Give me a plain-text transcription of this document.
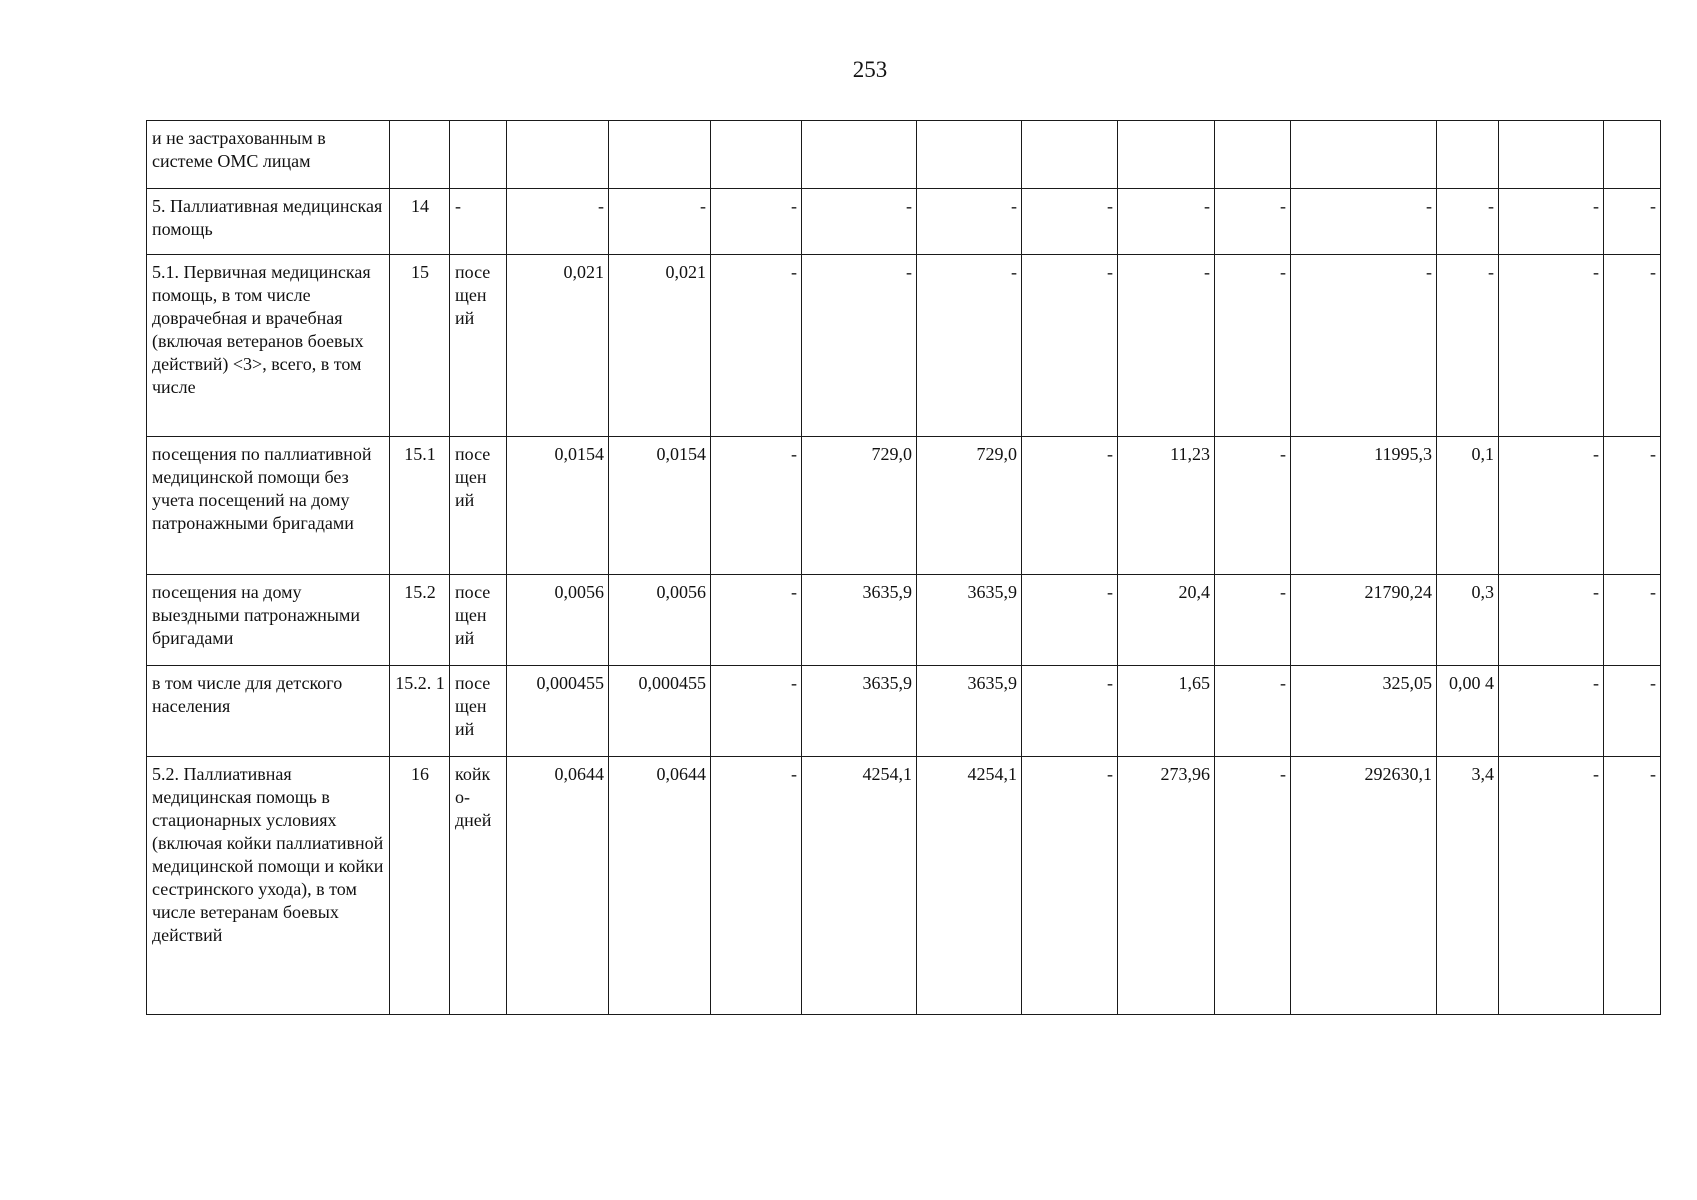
253
и не застрахованным в системе ОМС лицам														
5. Паллиативная медицинская помощь	14	-	-	-	-	-	-	-	-	-	-	-	-	-
5.1. Первичная медицинская помощь, в том числе доврачебная и врачебная (включая ветеранов боевых действий) <3>, всего, в том числе	15	посе щен ий	0,021	0,021	-	-	-	-	-	-	-	-	-	-
посещения по паллиативной медицинской помощи без учета посещений на дому патронажными бригадами	15.1	посе щен ий	0,0154	0,0154	-	729,0	729,0	-	11,23	-	11995,3	0,1	-	-
посещения на дому выездными патронажными бригадами	15.2	посе щен ий	0,0056	0,0056	-	3635,9	3635,9	-	20,4	-	21790,24	0,3	-	-
в том числе для детского населения	15.2. 1	посе щен ий	0,000455	0,000455	-	3635,9	3635,9	-	1,65	-	325,05	0,00 4	-	-
5.2. Паллиативная медицинская помощь в стационарных условиях (включая койки паллиативной медицинской помощи и койки сестринского ухода), в том числе ветеранам боевых действий	16	койк о- дней	0,0644	0,0644	-	4254,1	4254,1	-	273,96	-	292630,1	3,4	-	-
